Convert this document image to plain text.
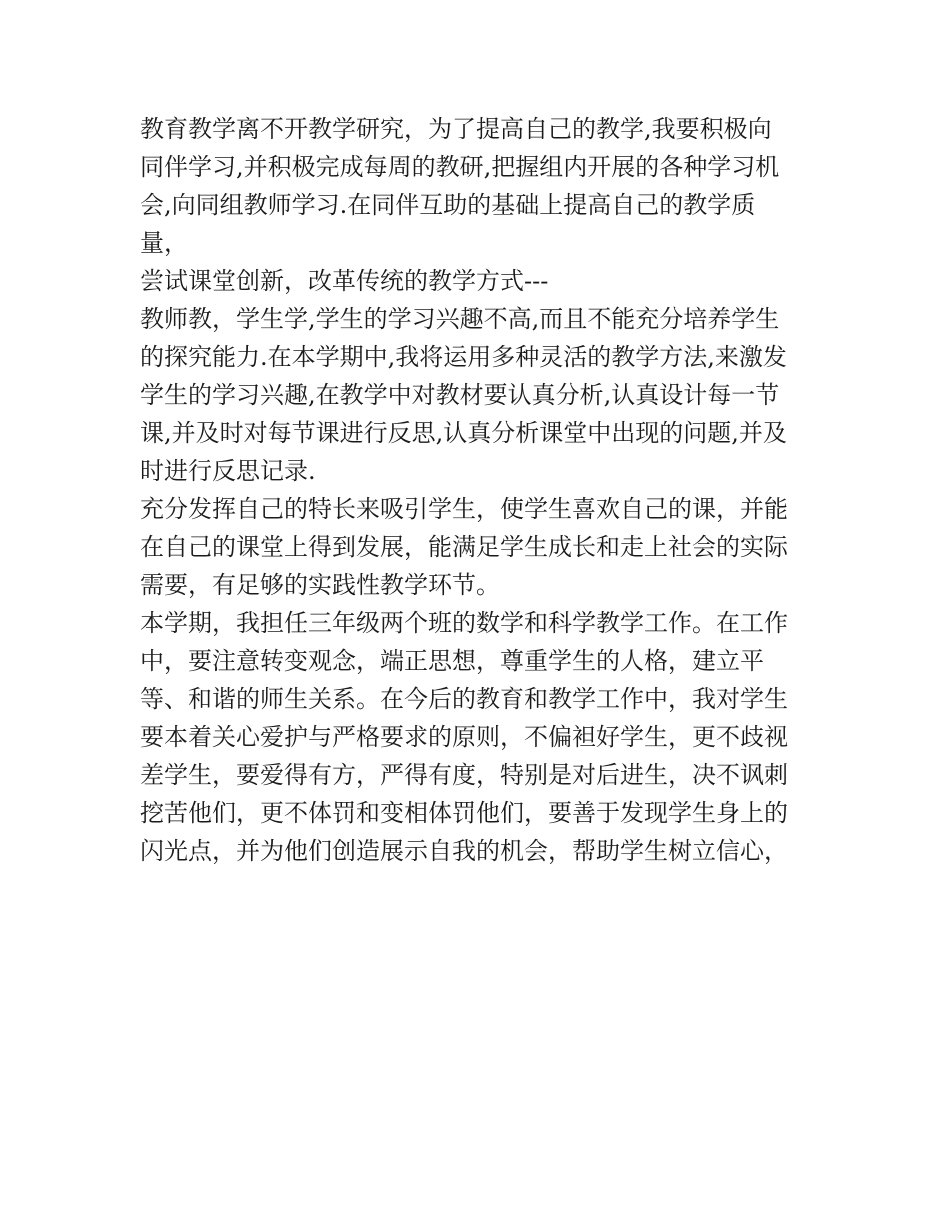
教育教学离不开教学研究，为了提高自己的教学,我要积极向
同伴学习,并积极完成每周的教研,把握组内开展的各种学习机
会,向同组教师学习.在同伴互助的基础上提高自己的教学质
量，
尝试课堂创新，改革传统的教学方式---
教师教，学生学,学生的学习兴趣不高,而且不能充分培养学生
的探究能力.在本学期中,我将运用多种灵活的教学方法,来激发
学生的学习兴趣,在教学中对教材要认真分析,认真设计每一节
课,并及时对每节课进行反思,认真分析课堂中出现的问题,并及
时进行反思记录.
充分发挥自己的特长来吸引学生，使学生喜欢自己的课，并能
在自己的课堂上得到发展，能满足学生成长和走上社会的实际
需要，有足够的实践性教学环节。
本学期，我担任三年级两个班的数学和科学教学工作。在工作
中，要注意转变观念，端正思想，尊重学生的人格，建立平
等、和谐的师生关系。在今后的教育和教学工作中，我对学生
要本着关心爱护与严格要求的原则，不偏袒好学生，更不歧视
差学生，要爱得有方，严得有度，特别是对后进生，决不讽刺
挖苦他们，更不体罚和变相体罚他们，要善于发现学生身上的
闪光点，并为他们创造展示自我的机会，帮助学生树立信心，
